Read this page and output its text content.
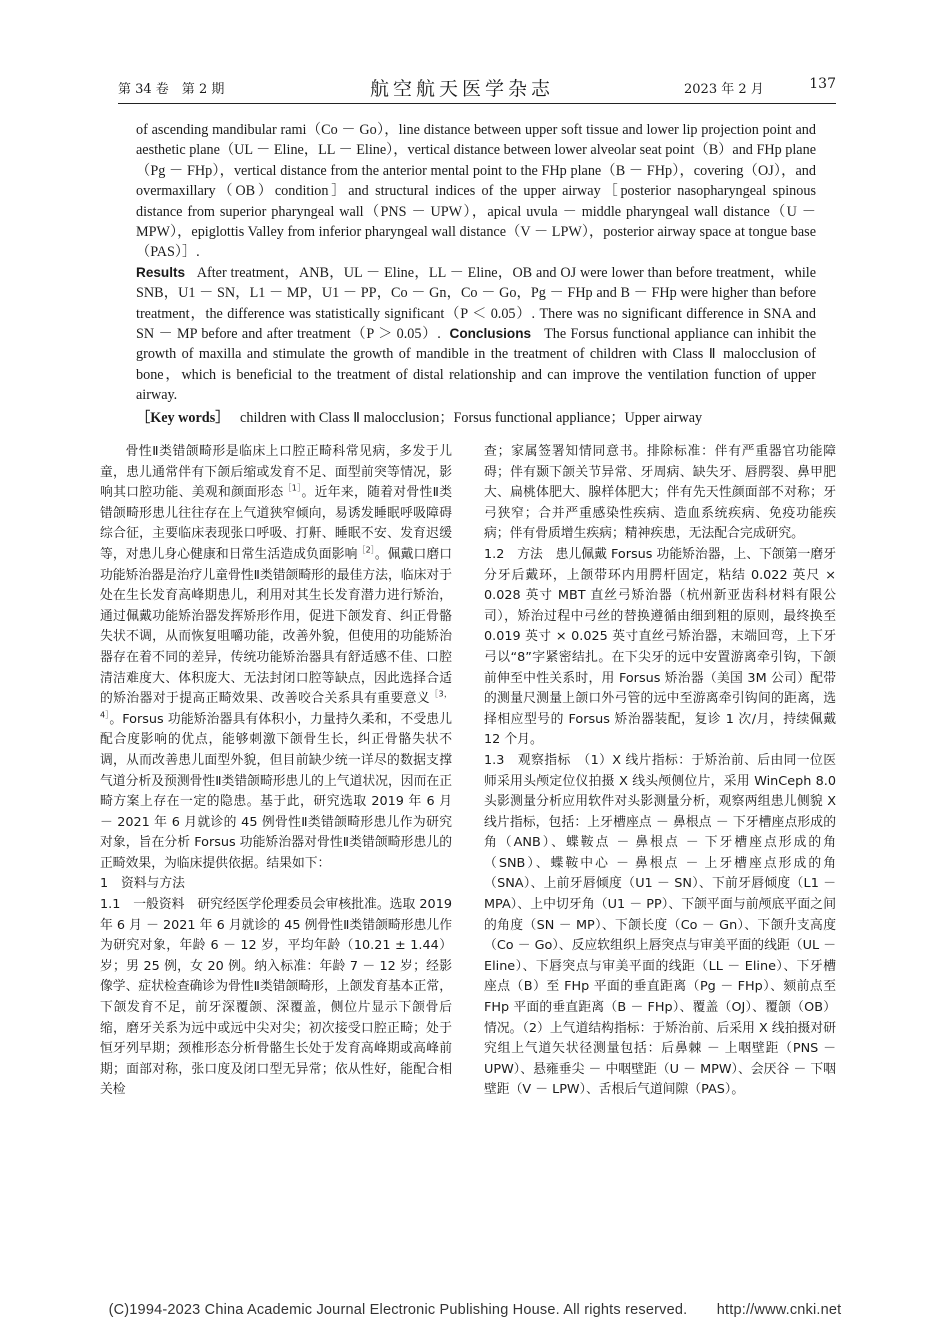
第 34 卷　第 2 期	航空航天医学杂志	2023 年 2 月	137

of ascending mandibular rami（Co － Go），line distance between upper soft tissue and lower lip projection point and aesthetic plane（UL － Eline，LL － Eline），vertical distance between lower alveolar seat point（B）and FHp plane（Pg － FHp），vertical distance from the anterior mental point to the FHp plane（B － FHp），covering（OJ），and overmaxillary（OB）condition］and structural indices of the upper airway［posterior nasopharyngeal spinous distance from superior pharyngeal wall（PNS － UPW），apical uvula － middle pharyngeal wall distance（U － MPW），epiglottis Valley from inferior pharyngeal wall distance（V － LPW），posterior airway space at tongue base（PAS）］.

Results After treatment，ANB，UL － Eline，LL － Eline，OB and OJ were lower than before treatment，while SNB，U1 － SN，L1 － MP，U1 － PP，Co － Gn，Co － Go，Pg － FHp and B － FHp were higher than before treatment，the difference was statistically significant（P ＜ 0.05）. There was no significant difference in SNA and SN － MP before and after treatment（P ＞ 0.05）. Conclusions The Forsus functional appliance can inhibit the growth of maxilla and stimulate the growth of mandible in the treatment of children with Class Ⅱ malocclusion of bone，which is beneficial to the treatment of distal relationship and can improve the ventilation function of upper airway.

［Key words］ children with Class Ⅱ malocclusion；Forsus functional appliance；Upper airway

骨性Ⅱ类错颌畸形是临床上口腔正畸科常见病，多发于儿童，患儿通常伴有下颌后缩或发育不足、面型前突等情况，影响其口腔功能、美观和颜面形态$^{[1]}$。近年来，随着对骨性Ⅱ类错颌畸形患儿往往存在上气道狭窄倾向，易诱发睡眠呼吸障碍综合征，主要临床表现张口呼吸、打鼾、睡眠不安、发育迟缓等，对患儿身心健康和日常生活造成负面影响$^{[2]}$。佩戴口磨口功能矫治器是治疗儿童骨性Ⅱ类错颌畸形的最佳方法，临床对于处在生长发育高峰期患儿，利用对其生长发育潜力进行矫治，通过佩戴功能矫治器发挥矫形作用，促进下颌发育、纠正骨骼失状不调，从而恢复咀嚼功能，改善外貌，但使用的功能矫治器存在着不同的差异，传统功能矫治器具有舒适感不佳、口腔清洁难度大、体积庞大、无法封闭口腔等缺点，因此选择合适的矫治器对于提高正畸效果、改善咬合关系具有重要意义$^{[3,4]}$。Forsus 功能矫治器具有体积小，力量持久柔和，不受患儿配合度影响的优点，能够刺激下颌骨生长，纠正骨骼失状不调，从而改善患儿面型外貌，但目前缺少统一详尽的数据支撑气道分析及预测骨性Ⅱ类错颌畸形患儿的上气道状况，因而在正畸方案上存在一定的隐患。基于此，研究选取 2019 年 6 月 － 2021 年 6 月就诊的 45 例骨性Ⅱ类错颌畸形患儿作为研究对象，旨在分析 Forsus 功能矫治器对骨性Ⅱ类错颌畸形患儿的正畸效果，为临床提供依据。结果如下：

1　资料与方法

1.1　一般资料　研究经医学伦理委员会审核批准。选取 2019 年 6 月 － 2021 年 6 月就诊的 45 例骨性Ⅱ类错颌畸形患儿作为研究对象，年龄 6 － 12 岁，平均年龄（10.21 ± 1.44）岁；男 25 例，女 20 例。纳入标准：年龄 7 － 12 岁；经影像学、症状检查确诊为骨性Ⅱ类错颌畸形，上颌发育基本正常，下颌发育不足，前牙深覆颌、深覆盖，侧位片显示下颌骨后缩，磨牙关系为远中或远中尖对尖；初次接受口腔正畸；处于恒牙列早期；颈椎形态分析骨骼生长处于发育高峰期或高峰前期；面部对称，张口度及闭口型无异常；依从性好，能配合相关检

查；家属签署知情同意书。排除标准：伴有严重器官功能障碍；伴有颞下颌关节异常、牙周病、缺失牙、唇腭裂、鼻甲肥大、扁桃体肥大、腺样体肥大；伴有先天性颜面部不对称；牙弓狭窄；合并严重感染性疾病、造血系统疾病、免疫功能疾病；伴有骨质增生疾病；精神疾患，无法配合完成研究。

1.2　方法　患儿佩戴 Forsus 功能矫治器，上、下颌第一磨牙分牙后戴环，上颌带环内用腭杆固定，粘结 0.022 英尺 × 0.028 英寸 MBT 直丝弓矫治器（杭州新亚齿科材料有限公司），矫治过程中弓丝的替换遵循由细到粗的原则，最终换至 0.019 英寸 × 0.025 英寸直丝弓矫治器，末端回弯，上下牙弓以“8”字紧密结扎。在下尖牙的远中安置游离牵引钩，下颌前伸至中性关系时，用 Forsus 矫治器（美国 3M 公司）配带的测量尺测量上颌口外弓管的远中至游离牵引钩间的距离，选择相应型号的 Forsus 矫治器装配，复诊 1 次/月，持续佩戴 12 个月。

1.3　观察指标　（1）X 线片指标：于矫治前、后由同一位医师采用头颅定位仪拍摄 X 线头颅侧位片，采用 WinCeph 8.0 头影测量分析应用软件对头影测量分析，观察两组患儿侧貌 X 线片指标，包括：上牙槽座点 － 鼻根点 － 下牙槽座点形成的角（ANB）、蝶鞍点 － 鼻根点 － 下牙槽座点形成的角（SNB）、蝶鞍中心 － 鼻根点 － 上牙槽座点形成的角（SNA）、上前牙唇倾度（U1 － SN）、下前牙唇倾度（L1 － MPA）、上中切牙角（U1 － PP）、下颌平面与前颅底平面之间的角度（SN － MP）、下颌长度（Co － Gn）、下颌升支高度（Co － Go）、反应软组织上唇突点与审美平面的线距（UL － Eline）、下唇突点与审美平面的线距（LL － Eline）、下牙槽座点（B）至 FHp 平面的垂直距离（Pg － FHp）、颏前点至 FHp 平面的垂直距离（B － FHp）、覆盖（OJ）、覆颌（OB）情况。（2）上气道结构指标：于矫治前、后采用 X 线拍摄对研究组上气道矢状径测量包括：后鼻棘 － 上咽壁距（PNS － UPW）、悬雍垂尖 － 中咽壁距（U － MPW）、会厌谷 － 下咽壁距（V － LPW）、舌根后气道间隙（PAS）。

(C)1994-2023 China Academic Journal Electronic Publishing House. All rights reserved.　　http://www.cnki.net
